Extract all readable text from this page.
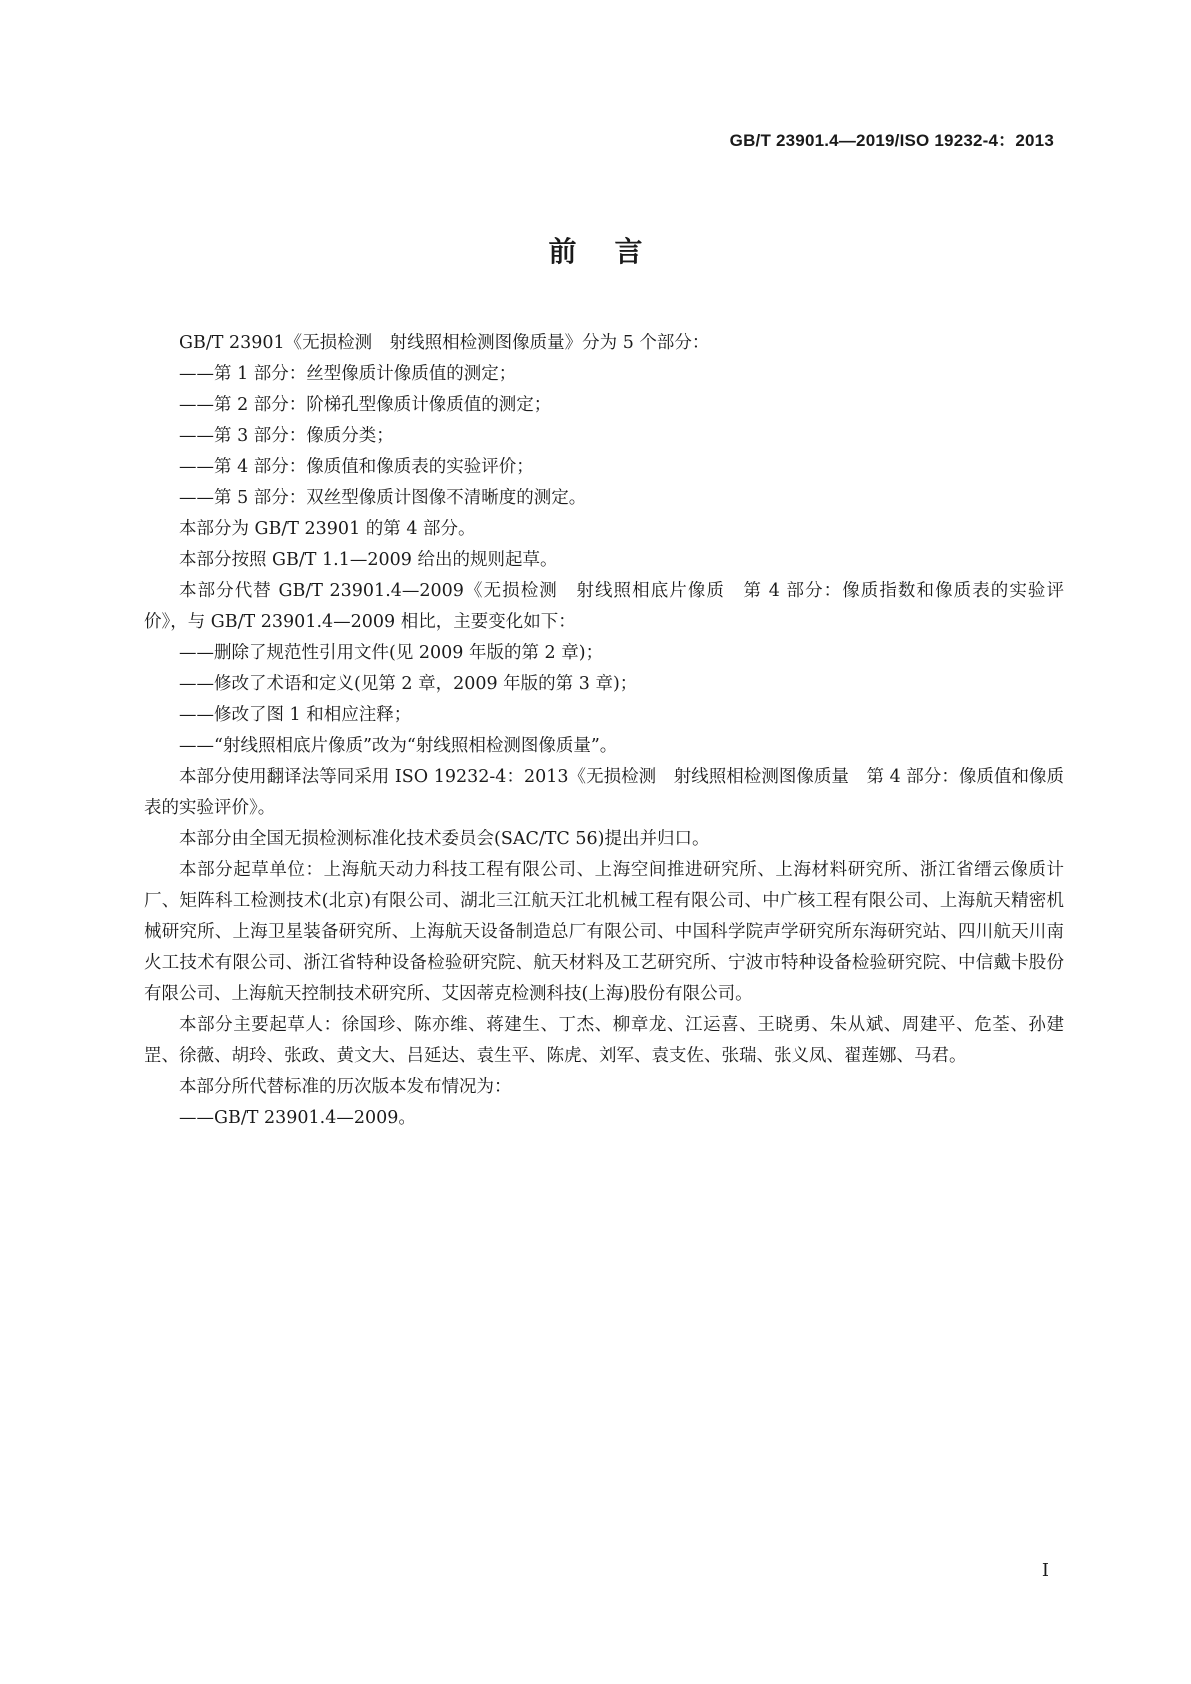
GB/T 23901.4—2019/ISO 19232-4：2013
前言

GB/T 23901《无损检测　射线照相检测图像质量》分为 5 个部分：

——第 1 部分：丝型像质计像质值的测定；

——第 2 部分：阶梯孔型像质计像质值的测定；

——第 3 部分：像质分类；

——第 4 部分：像质值和像质表的实验评价；

——第 5 部分：双丝型像质计图像不清晰度的测定。

本部分为 GB/T 23901 的第 4 部分。

本部分按照 GB/T 1.1—2009 给出的规则起草。

本部分代替 GB/T 23901.4—2009《无损检测　射线照相底片像质　第 4 部分：像质指数和像质表的实验评价》，与 GB/T 23901.4—2009 相比，主要变化如下：

——删除了规范性引用文件(见 2009 年版的第 2 章)；

——修改了术语和定义(见第 2 章，2009 年版的第 3 章)；

——修改了图 1 和相应注释；

——“射线照相底片像质”改为“射线照相检测图像质量”。

本部分使用翻译法等同采用 ISO 19232-4：2013《无损检测　射线照相检测图像质量　第 4 部分：像质值和像质表的实验评价》。

本部分由全国无损检测标准化技术委员会(SAC/TC 56)提出并归口。

本部分起草单位：上海航天动力科技工程有限公司、上海空间推进研究所、上海材料研究所、浙江省缙云像质计厂、矩阵科工检测技术(北京)有限公司、湖北三江航天江北机械工程有限公司、中广核工程有限公司、上海航天精密机械研究所、上海卫星装备研究所、上海航天设备制造总厂有限公司、中国科学院声学研究所东海研究站、四川航天川南火工技术有限公司、浙江省特种设备检验研究院、航天材料及工艺研究所、宁波市特种设备检验研究院、中信戴卡股份有限公司、上海航天控制技术研究所、艾因蒂克检测科技(上海)股份有限公司。

本部分主要起草人：徐国珍、陈亦维、蒋建生、丁杰、柳章龙、江运喜、王晓勇、朱从斌、周建平、危荃、孙建罡、徐薇、胡玲、张政、黄文大、吕延达、袁生平、陈虎、刘军、袁支佐、张瑞、张义凤、翟莲娜、马君。

本部分所代替标准的历次版本发布情况为：

——GB/T 23901.4—2009。

I
